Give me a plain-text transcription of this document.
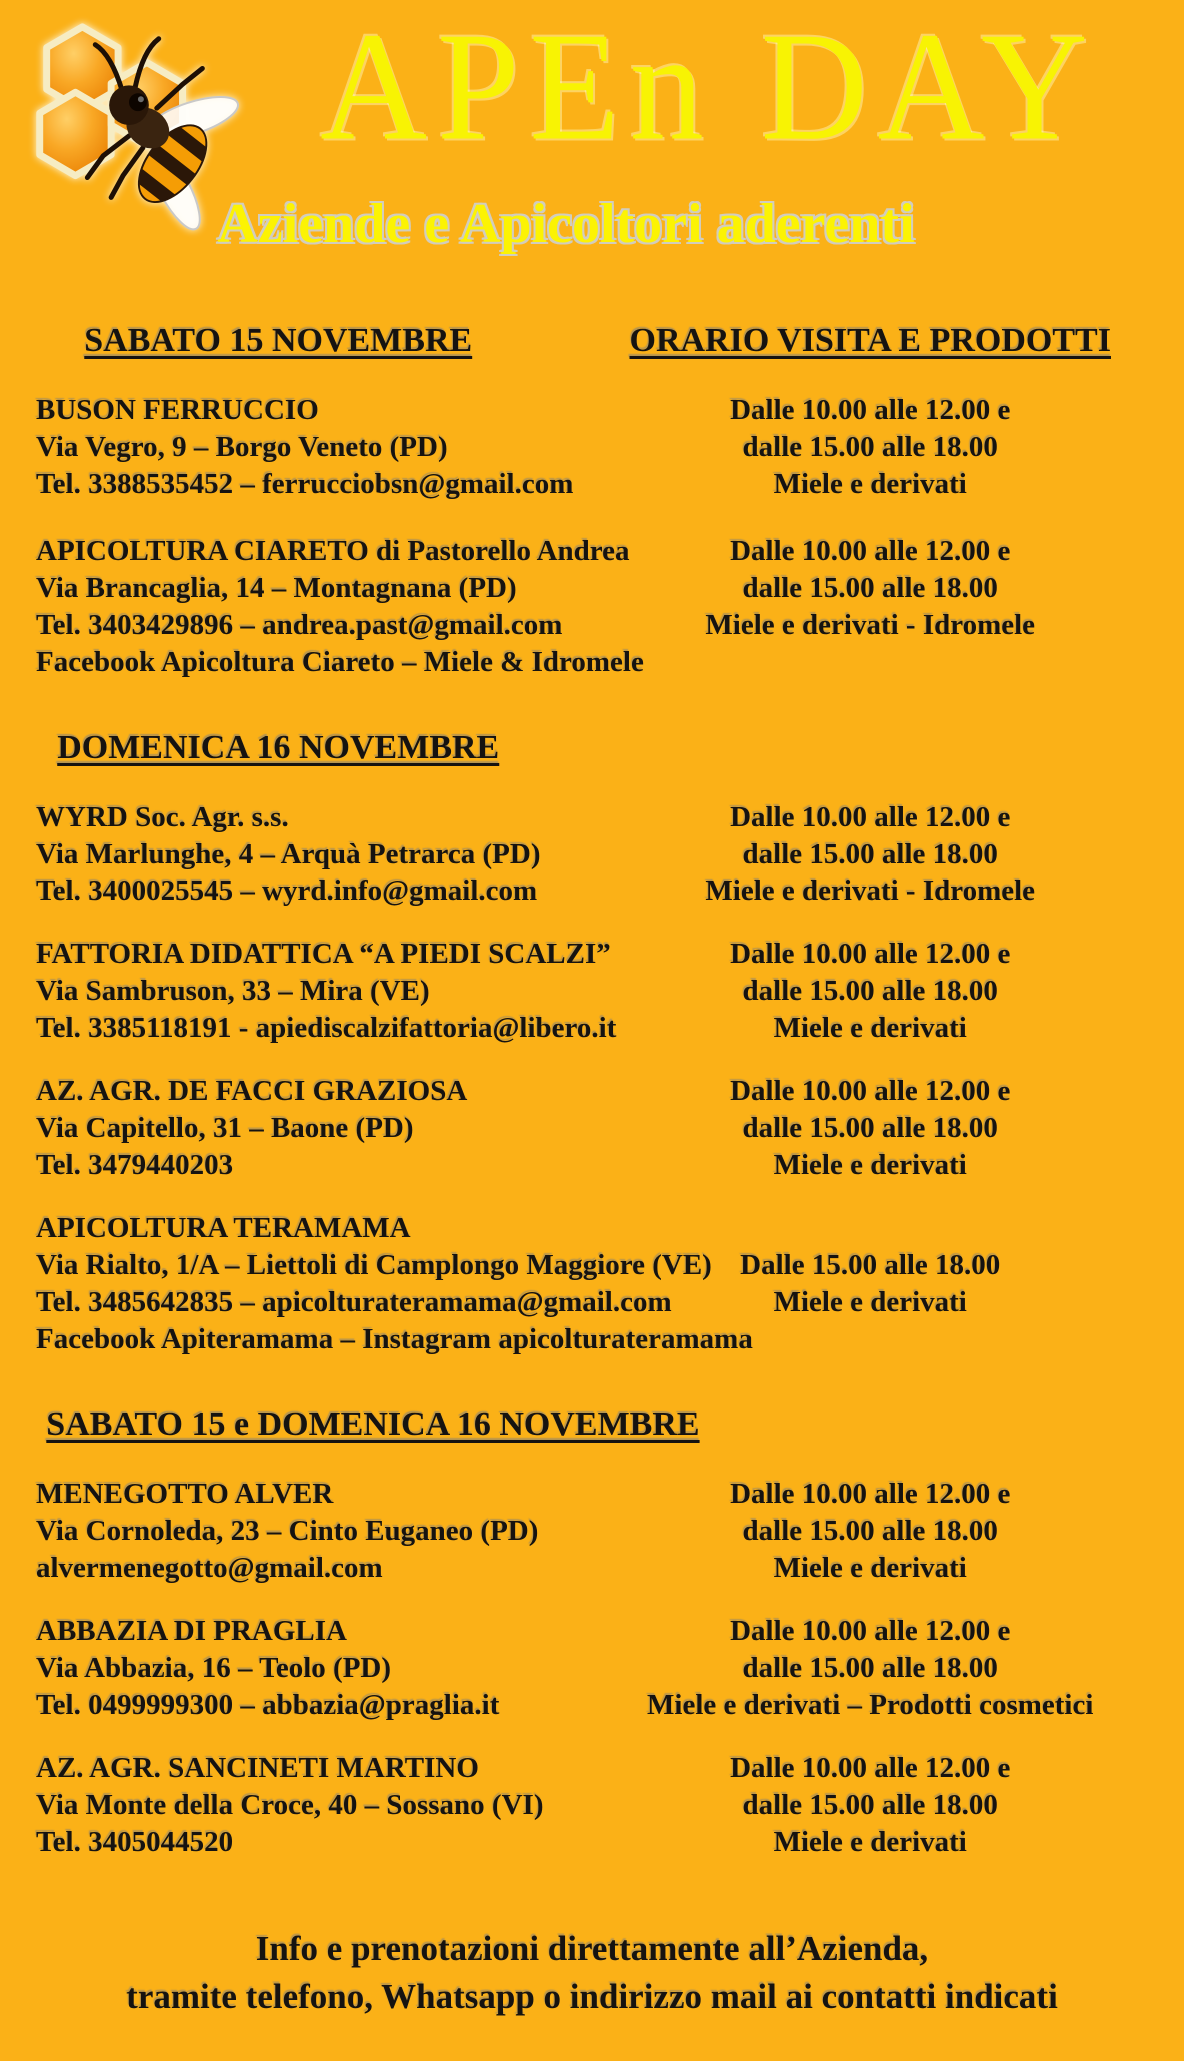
APEn DAY
Aziende e Apicoltori aderenti
SABATO 15 NOVEMBRE	ORARIO VISITA E PRODOTTI

BUSON FERRUCCIO

Via Vegro, 9 – Borgo Veneto (PD)

Tel. 3388535452 – ferrucciobsn@gmail.com

Dalle 10.00 alle 12.00 e

dalle 15.00 alle 18.00

Miele e derivati

APICOLTURA CIARETO di Pastorello Andrea

Via Brancaglia, 14 – Montagnana (PD)

Tel. 3403429896 – andrea.past@gmail.com

Facebook Apicoltura Ciareto – Miele & Idromele

Dalle 10.00 alle 12.00 e

dalle 15.00 alle 18.00

Miele e derivati - Idromele

DOMENICA 16 NOVEMBRE

WYRD Soc. Agr. s.s.

Via Marlunghe, 4 – Arquà Petrarca (PD)

Tel. 3400025545 – wyrd.info@gmail.com

Dalle 10.00 alle 12.00 e

dalle 15.00 alle 18.00

Miele e derivati - Idromele

FATTORIA DIDATTICA “A PIEDI SCALZI”

Via Sambruson, 33 – Mira (VE)

Tel. 3385118191 - apiediscalzifattoria@libero.it

Dalle 10.00 alle 12.00 e

dalle 15.00 alle 18.00

Miele e derivati

AZ. AGR. DE FACCI GRAZIOSA

Via Capitello, 31 – Baone (PD)

Tel. 3479440203

Dalle 10.00 alle 12.00 e

dalle 15.00 alle 18.00

Miele e derivati

APICOLTURA TERAMAMA

Via Rialto, 1/A – Liettoli di Camplongo Maggiore (VE)

Tel. 3485642835 – apicolturateramama@gmail.com

Facebook Apiteramama – Instagram apicolturateramama

Dalle 15.00 alle 18.00

Miele e derivati

SABATO 15 e DOMENICA 16 NOVEMBRE

MENEGOTTO ALVER

Via Cornoleda, 23 – Cinto Euganeo (PD)

alvermenegotto@gmail.com

Dalle 10.00 alle 12.00 e

dalle 15.00 alle 18.00

Miele e derivati

ABBAZIA DI PRAGLIA

Via Abbazia, 16 – Teolo (PD)

Tel. 0499999300 – abbazia@praglia.it

Dalle 10.00 alle 12.00 e

dalle 15.00 alle 18.00

Miele e derivati – Prodotti cosmetici

AZ. AGR. SANCINETI MARTINO

Via Monte della Croce, 40 – Sossano (VI)

Tel. 3405044520

Dalle 10.00 alle 12.00 e

dalle 15.00 alle 18.00

Miele e derivati

Info e prenotazioni direttamente all’Azienda,

tramite telefono, Whatsapp o indirizzo mail ai contatti indicati
